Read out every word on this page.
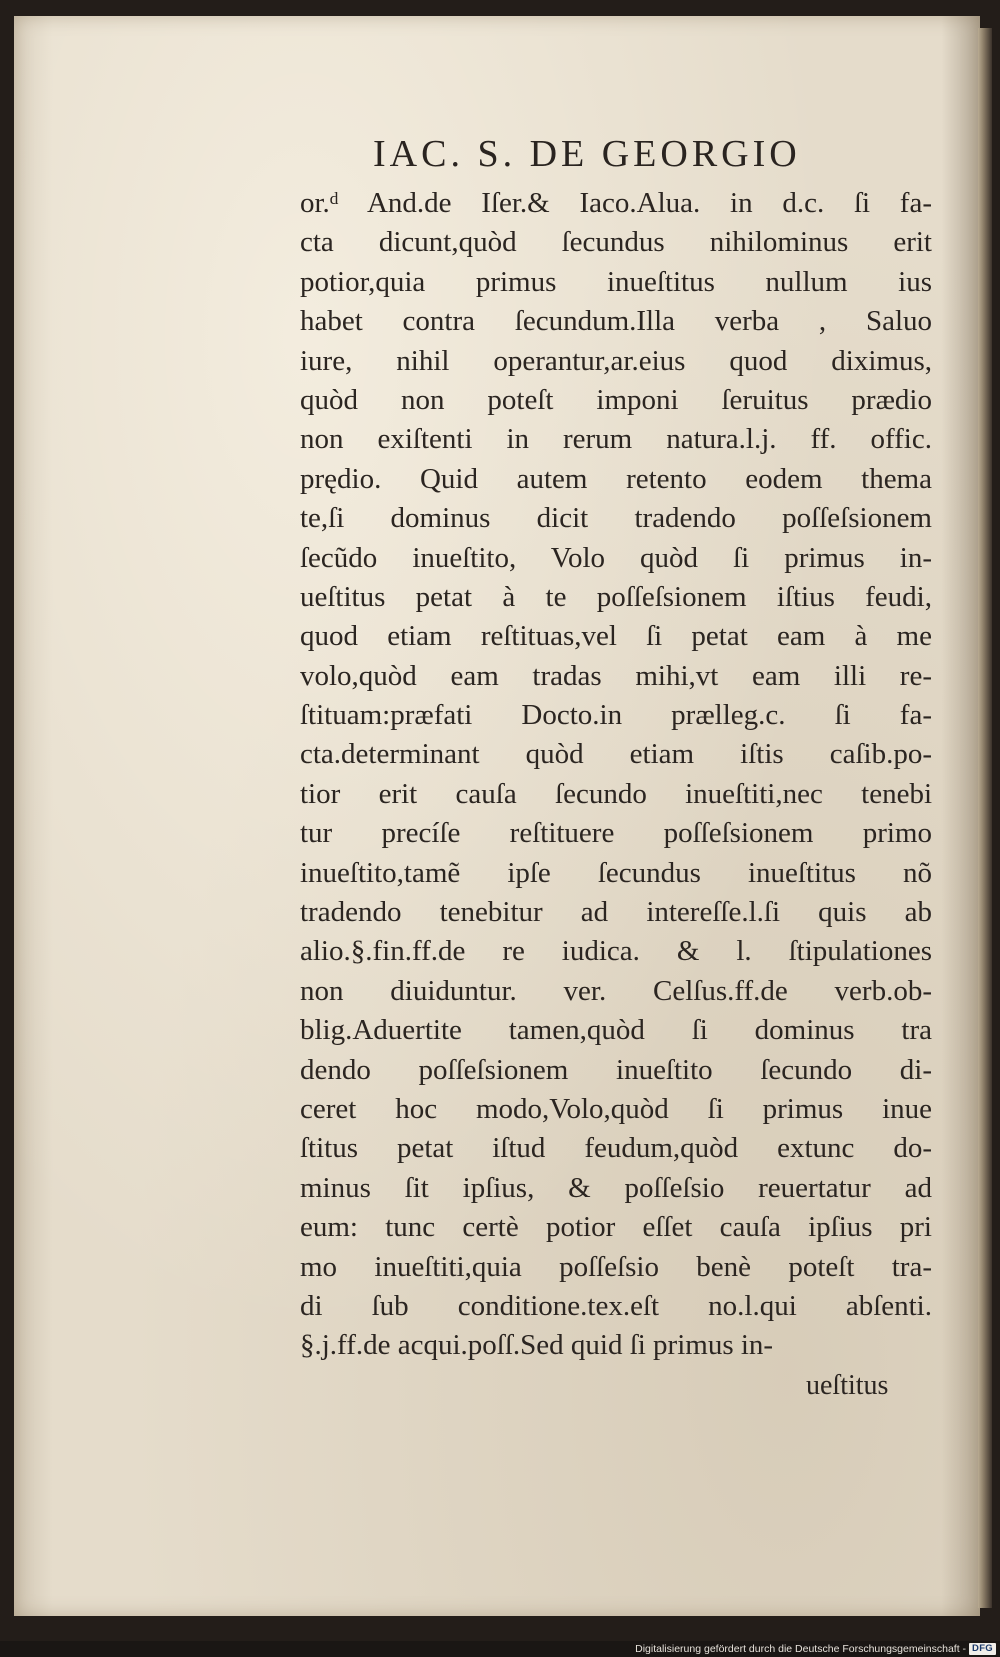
IAC. S. DE GEORGIO
or.ᵈ And.de Iſer.& Iaco.Alua. in d.c. ſi fa-
cta dicunt,quòd ſecundus nihilominus erit
potior,quia primus inueſtitus nullum ius
habet contra ſecundum.Illa verba , Saluo
iure, nihil operantur,ar.eius quod diximus,
quòd non poteſt imponi ſeruitus prædio
non exiſtenti in rerum natura.l.j. ff. offic.
prędio. Quid autem retento eodem thema
te,ſi dominus dicit tradendo poſſeſsionem
ſecũdo inueſtito, Volo quòd ſi primus in-
ueſtitus petat à te poſſeſsionem iſtius feudi,
quod etiam reſtituas,vel ſi petat eam à me
volo,quòd eam tradas mihi,vt eam illi re-
ſtituam:præfati Docto.in prælleg.c. ſi fa-
cta.determinant quòd etiam iſtis caſib.po-
tior erit cauſa ſecundo inueſtiti,nec tenebi
tur precíſe reſtituere poſſeſsionem primo
inueſtito,tamẽ ipſe ſecundus inueſtitus nõ
tradendo tenebitur ad intereſſe.l.ſi quis ab
alio.§.fin.ff.de re iudica. & l. ſtipulationes
non diuiduntur. ver. Celſus.ff.de verb.ob-
blig.Aduertite tamen,quòd ſi dominus tra
dendo poſſeſsionem inueſtito ſecundo di-
ceret hoc modo,Volo,quòd ſi primus inue
ſtitus petat iſtud feudum,quòd extunc do-
minus ſit ipſius, & poſſeſsio reuertatur ad
eum: tunc certè potior eſſet cauſa ipſius pri
mo inueſtiti,quia poſſeſsio benè poteſt tra-
di ſub conditione.tex.eſt no.l.qui abſenti.
§.j.ff.de acqui.poſſ.Sed quid ſi primus in-
ueſtitus
Digitalisierung gefördert durch die Deutsche Forschungsgemeinschaft - DFG
